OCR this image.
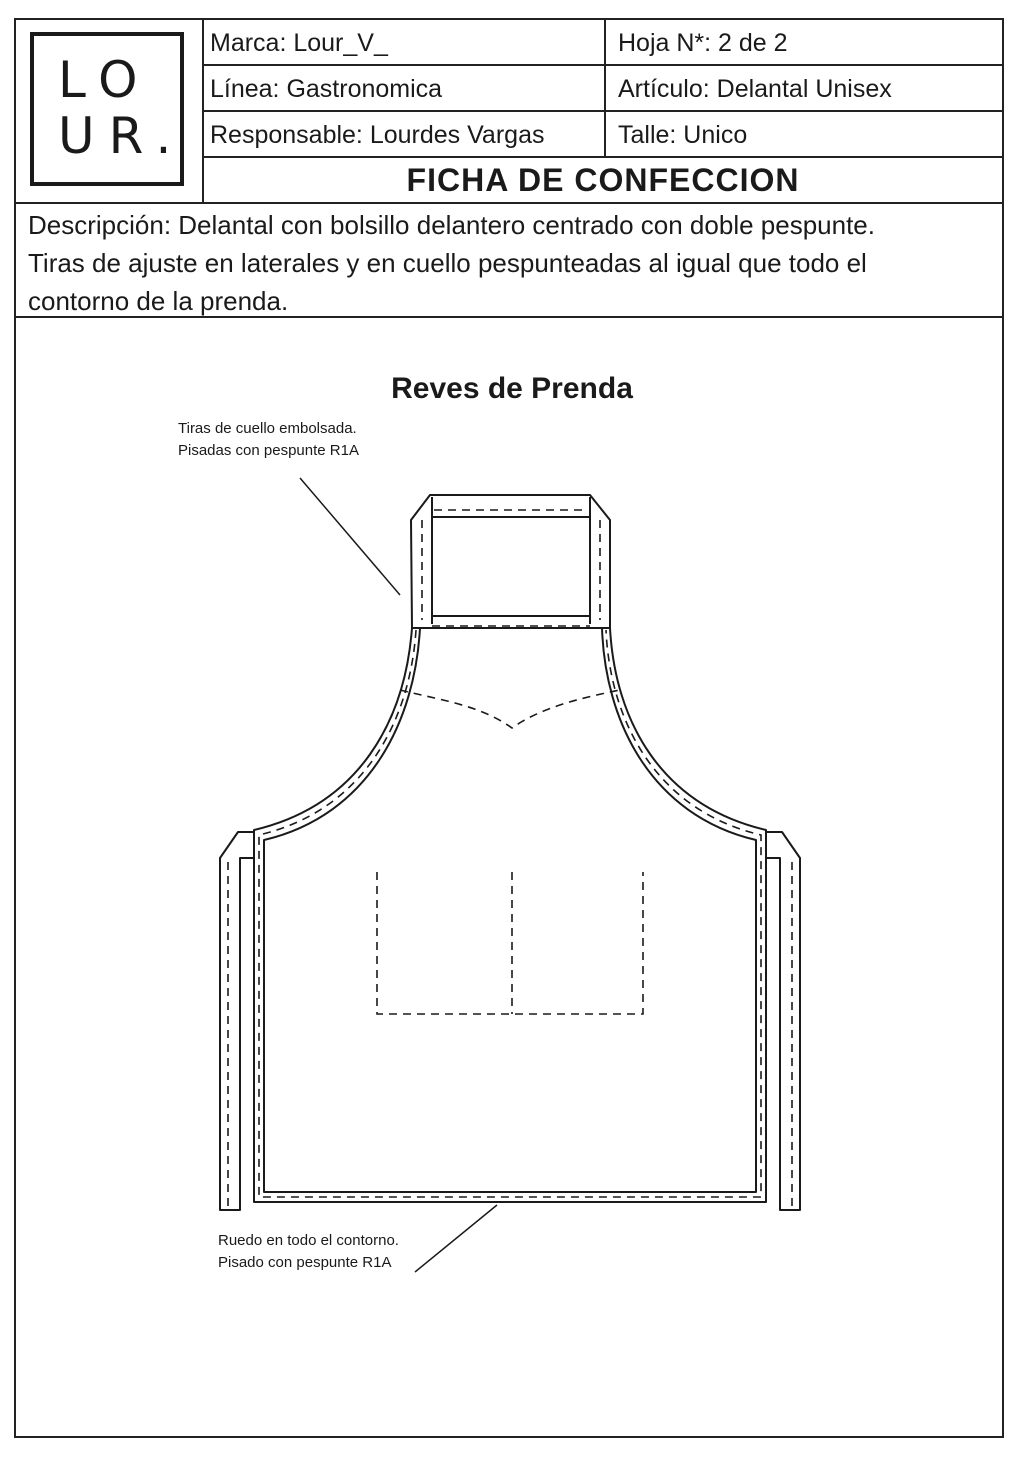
LO
UR.
Marca: Lour_V_	Hoja N*: 2 de 2
Línea: Gastronomica	Artículo: Delantal Unisex
Responsable: Lourdes Vargas	Talle: Unico
FICHA DE CONFECCION
Descripción: Delantal con bolsillo delantero centrado con doble pespunte.
Tiras de ajuste en laterales y en cuello pespunteadas al igual que todo el
contorno de la prenda.
Reves de Prenda
Tiras de cuello embolsada.
Pisadas con pespunte R1A
Ruedo en todo el contorno.
Pisado con pespunte R1A
